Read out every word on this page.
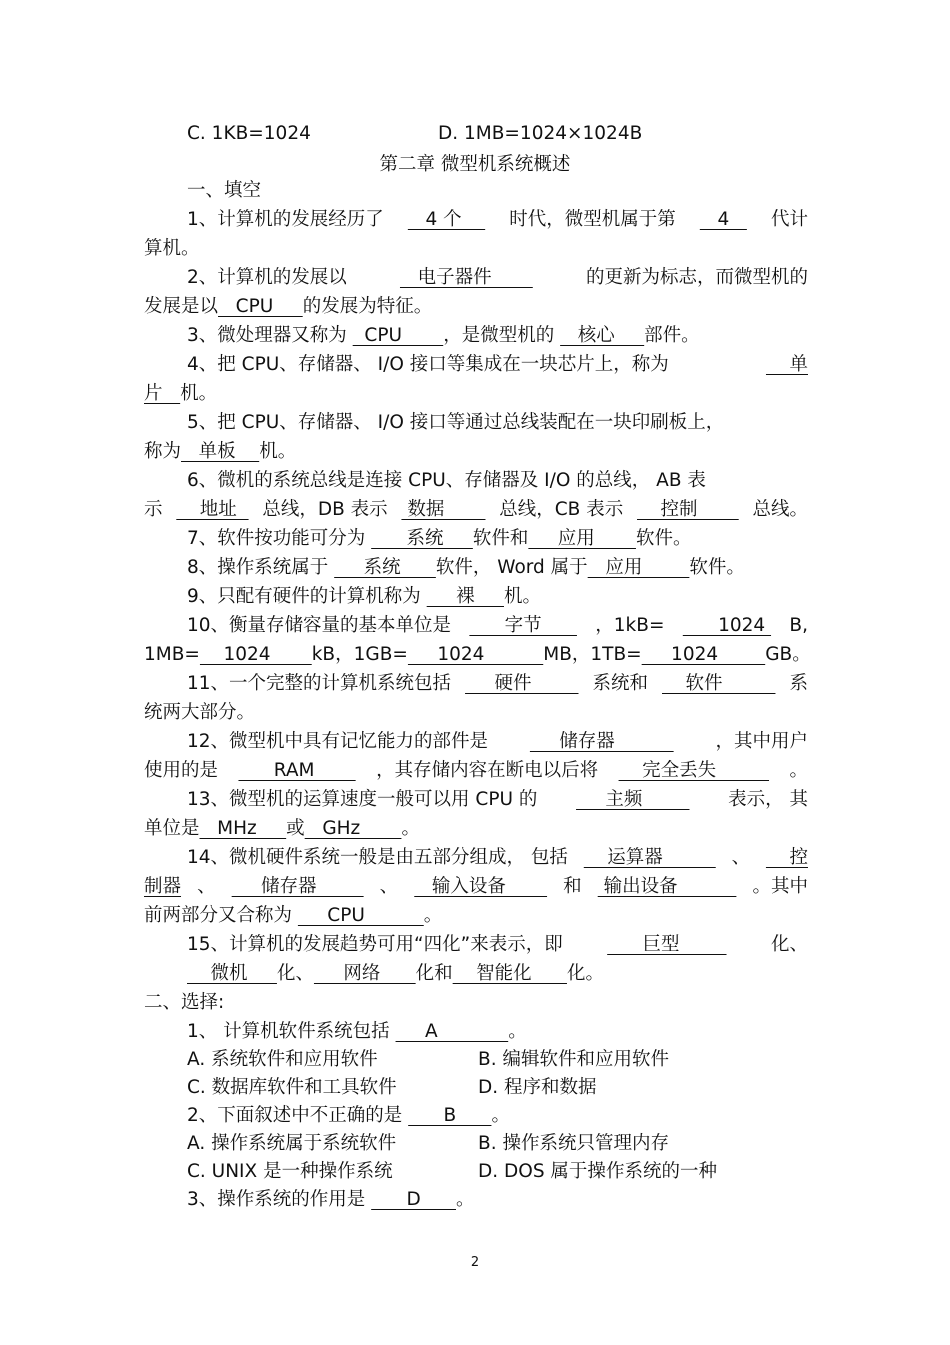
C. 1KB=1024	D. 1MB=1024×1024B
第二章 微型机系统概述
一、填空
1、计算机的发展经历了 4 个 时代，微型机属于第 4 代计
算机。
2、计算机的发展以	电子器件	的更新为标志，而微型机的
发展是以   CPU     的发展为特征。
3、微处理器又称为   CPU       ，是微型机的    核心     部件。
4、把 CPU、存储器、 I/O 接口等集成在一块芯片上，称为	单
片   机。
5、把 CPU、存储器、 I/O 接口等通过总线装配在一块印刷板上，
称为   单板    机。
6、微机的系统总线是连接 CPU、存储器及 I/O 的总线， AB 表
示 地址 总线，DB 表示 数据 总线，CB 表示 控制 总线。
7、软件按功能可分为       系统     软件和     应用       软件。
8、操作系统属于      系统      软件， Word 属于   应用        软件。
9、只配有硬件的计算机称为      裸     机。
10、衡量存储容量的基本单位是 字节 ，1kB= 1024 B,
1MB= 1024 kB，1GB= 1024 MB，1TB= 1024 GB。
11、一个完整的计算机系统包括 硬件 系统和 软件 系
统两大部分。
12、微型机中具有记忆能力的部件是 储存器 ，其中用户
使用的是 RAM ，其存储内容在断电以后将 完全丢失 。
13、微型机的运算速度一般可以用 CPU 的 主频 表示， 其
单位是   MHz     或   GHz       。
14、微机硬件系统一般是由五部分组成， 包括 运算器 、 控
制器 、 储存器 、 输入设备 和 输出设备 。其中
前两部分又合称为      CPU          。
15、计算机的发展趋势可用“四化”来表示，即 巨型 化、
微机     化、     网络      化和    智能化      化。
二、选择:
1、 计算机软件系统包括      A            。
A. 系统软件和应用软件	B. 编辑软件和应用软件
C. 数据库软件和工具软件	D. 程序和数据
2、下面叙述中不正确的是       B      。
A. 操作系统属于系统软件	B. 操作系统只管理内存
C. UNIX 是一种操作系统	D. DOS 属于操作系统的一种
3、操作系统的作用是       D      。
2
